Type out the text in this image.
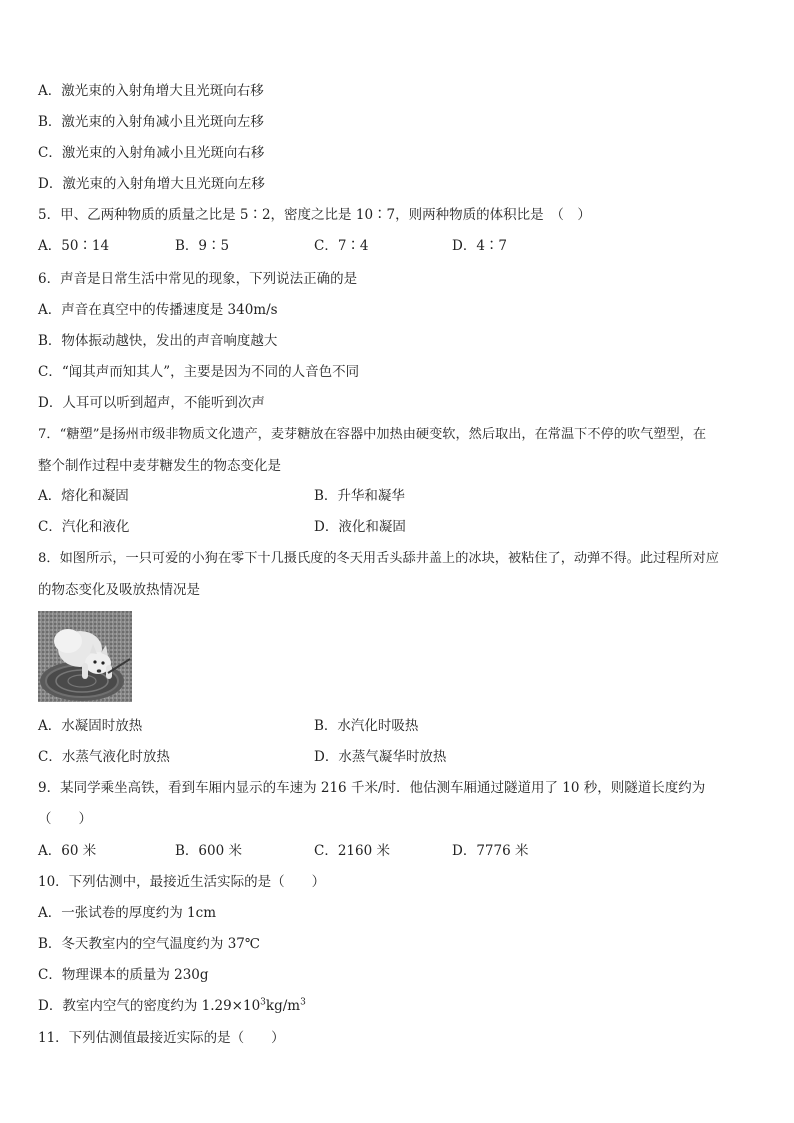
A．激光束的入射角增大且光斑向右移
B．激光束的入射角减小且光斑向左移
C．激光束的入射角减小且光斑向右移
D．激光束的入射角增大且光斑向左移
5．甲、乙两种物质的质量之比是 5∶2，密度之比是 10∶7，则两种物质的体积比是　（　）
A．50∶14	B．9∶5	C．7∶4	D．4∶7
6．声音是日常生活中常见的现象，下列说法正确的是
A．声音在真空中的传播速度是 340m/s
B．物体振动越快，发出的声音响度越大
C．“闻其声而知其人”，主要是因为不同的人音色不同
D．人耳可以听到超声，不能听到次声
7．“糖塑”是扬州市级非物质文化遗产，麦芽糖放在容器中加热由硬变软，然后取出，在常温下不停的吹气塑型，在
整个制作过程中麦芽糖发生的物态变化是
A．熔化和凝固	B．升华和凝华
C．汽化和液化	D．液化和凝固
8．如图所示，一只可爱的小狗在零下十几摄氏度的冬天用舌头舔井盖上的冰块，被粘住了，动弹不得。此过程所对应
的物态变化及吸放热情况是
A．水凝固时放热	B．水汽化时吸热
C．水蒸气液化时放热	D．水蒸气凝华时放热
9．某同学乘坐高铁，看到车厢内显示的车速为 216 千米/时．他估测车厢通过隧道用了 10 秒，则隧道长度约为
（　　）
A．60 米	B．600 米	C．2160 米	D．7776 米
10．下列估测中，最接近生活实际的是（　　）
A．一张试卷的厚度约为 1cm
B．冬天教室内的空气温度约为 37℃
C．物理课本的质量为 230g
D．教室内空气的密度约为 $1.29\times 10^3kg/m^3$
11．下列估测值最接近实际的是（　　）
